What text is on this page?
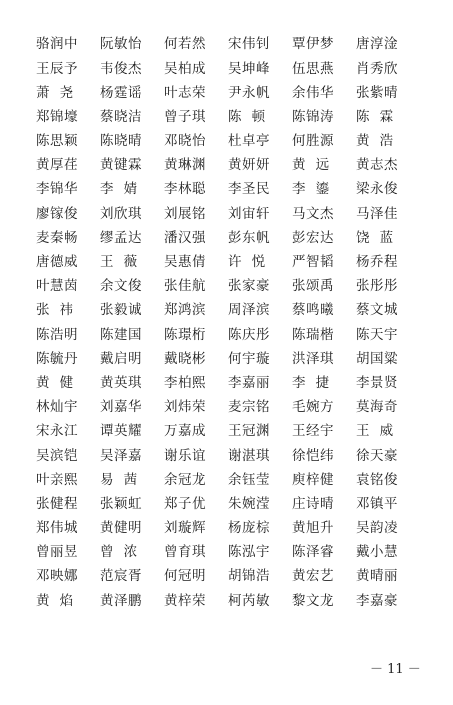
骆润中	阮敏怡	何若然	宋伟钊	覃伊梦	唐淳淦
王辰予	韦俊杰	吴柏成	吴坤峰	伍思燕	肖秀欣
萧  尧	杨霆谣	叶志荣	尹永帆	余伟华	张紫晴
郑锦壕	蔡晓洁	曾子琪	陈  顿	陈锦涛	陈  霖
陈思颖	陈晓晴	邓晓怡	杜卓亭	何胜源	黄  浩
黄厚荏	黄键霖	黄琳渊	黄妍妍	黄  远	黄志杰
李锦华	李  婧	李林聪	李圣民	李  鎏	梁永俊
廖镓俊	刘欣琪	刘展铭	刘宙轩	马文杰	马泽佳
麦秦畅	缪孟达	潘汉强	彭东帆	彭宏达	饶  蓝
唐德威	王  薇	吴惠倩	许  悦	严智韬	杨乔程
叶慧茵	余文俊	张佳航	张家豪	张颂禹	张彤彤
张  祎	张毅诚	郑鸿滨	周泽滨	蔡鸣曦	蔡文城
陈浩明	陈建国	陈璟桁	陈庆彤	陈瑞楷	陈天宇
陈毓丹	戴启明	戴晓彬	何宇璇	洪泽琪	胡国粱
黄  健	黄英琪	李柏熙	李嘉丽	李  捷	李景贤
林灿宇	刘嘉华	刘炜荣	麦宗铭	毛婉方	莫海奇
宋永江	谭英耀	万嘉成	王冠渊	王经宇	王  威
吴滨铠	吴泽嘉	谢乐谊	谢湛琪	徐恺纬	徐天豪
叶亲熙	易  茜	余冠龙	余钰莹	庾梓健	袁铭俊
张健程	张颖虹	郑子优	朱婉滢	庄诗晴	邓镇平
郑伟城	黄健明	刘璇辉	杨庞棕	黄旭升	吴韵凌
曾丽昱	曾  浓	曾育琪	陈泓宇	陈泽睿	戴小慧
邓映娜	范宸胥	何冠明	胡锦浩	黄宏艺	黄晴丽
黄  焰	黄泽鹏	黄梓荣	柯芮敏	黎文龙	李嘉豪
－ 11 －
